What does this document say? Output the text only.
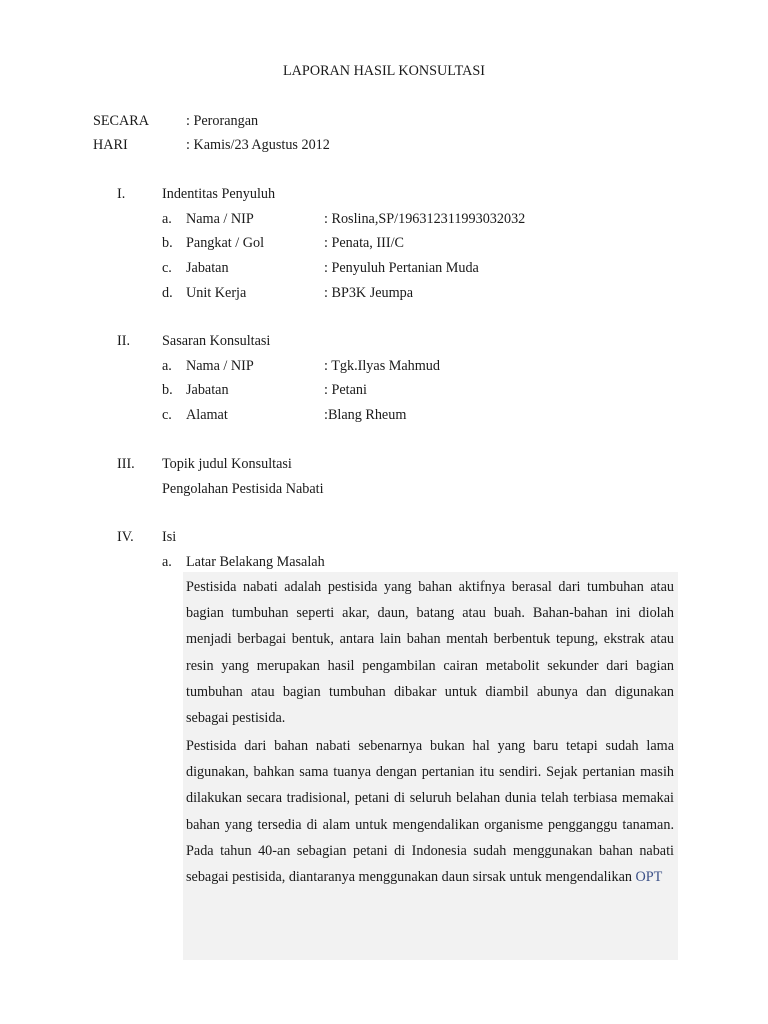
LAPORAN HASIL KONSULTASI
SECARA	: Perorangan
HARI	: Kamis/23 Agustus 2012
I.	Indentitas Penyuluh
a. Nama / NIP	: Roslina,SP/196312311993032032
b. Pangkat / Gol	: Penata, III/C
c. Jabatan	: Penyuluh Pertanian Muda
d. Unit Kerja	: BP3K Jeumpa
II. Sasaran Konsultasi
a. Nama / NIP	: Tgk.Ilyas Mahmud
b. Jabatan	: Petani
c. Alamat	:Blang Rheum
III. Topik judul Konsultasi
Pengolahan Pestisida Nabati
IV. Isi
a. Latar Belakang Masalah
Pestisida nabati adalah pestisida yang bahan aktifnya berasal dari tumbuhan atau bagian tumbuhan seperti akar, daun, batang atau buah. Bahan-bahan ini diolah menjadi berbagai bentuk, antara lain bahan mentah berbentuk tepung, ekstrak atau resin yang merupakan hasil pengambilan cairan metabolit sekunder dari bagian tumbuhan atau bagian tumbuhan dibakar untuk diambil abunya dan digunakan sebagai pestisida.
Pestisida dari bahan nabati sebenarnya bukan hal yang baru tetapi sudah lama digunakan, bahkan sama tuanya dengan pertanian itu sendiri. Sejak pertanian masih dilakukan secara tradisional, petani di seluruh belahan dunia telah terbiasa memakai bahan yang tersedia di alam untuk mengendalikan organisme pengganggu tanaman. Pada tahun 40-an sebagian petani di Indonesia sudah menggunakan bahan nabati sebagai pestisida, diantaranya menggunakan daun sirsak untuk mengendalikan OPT
